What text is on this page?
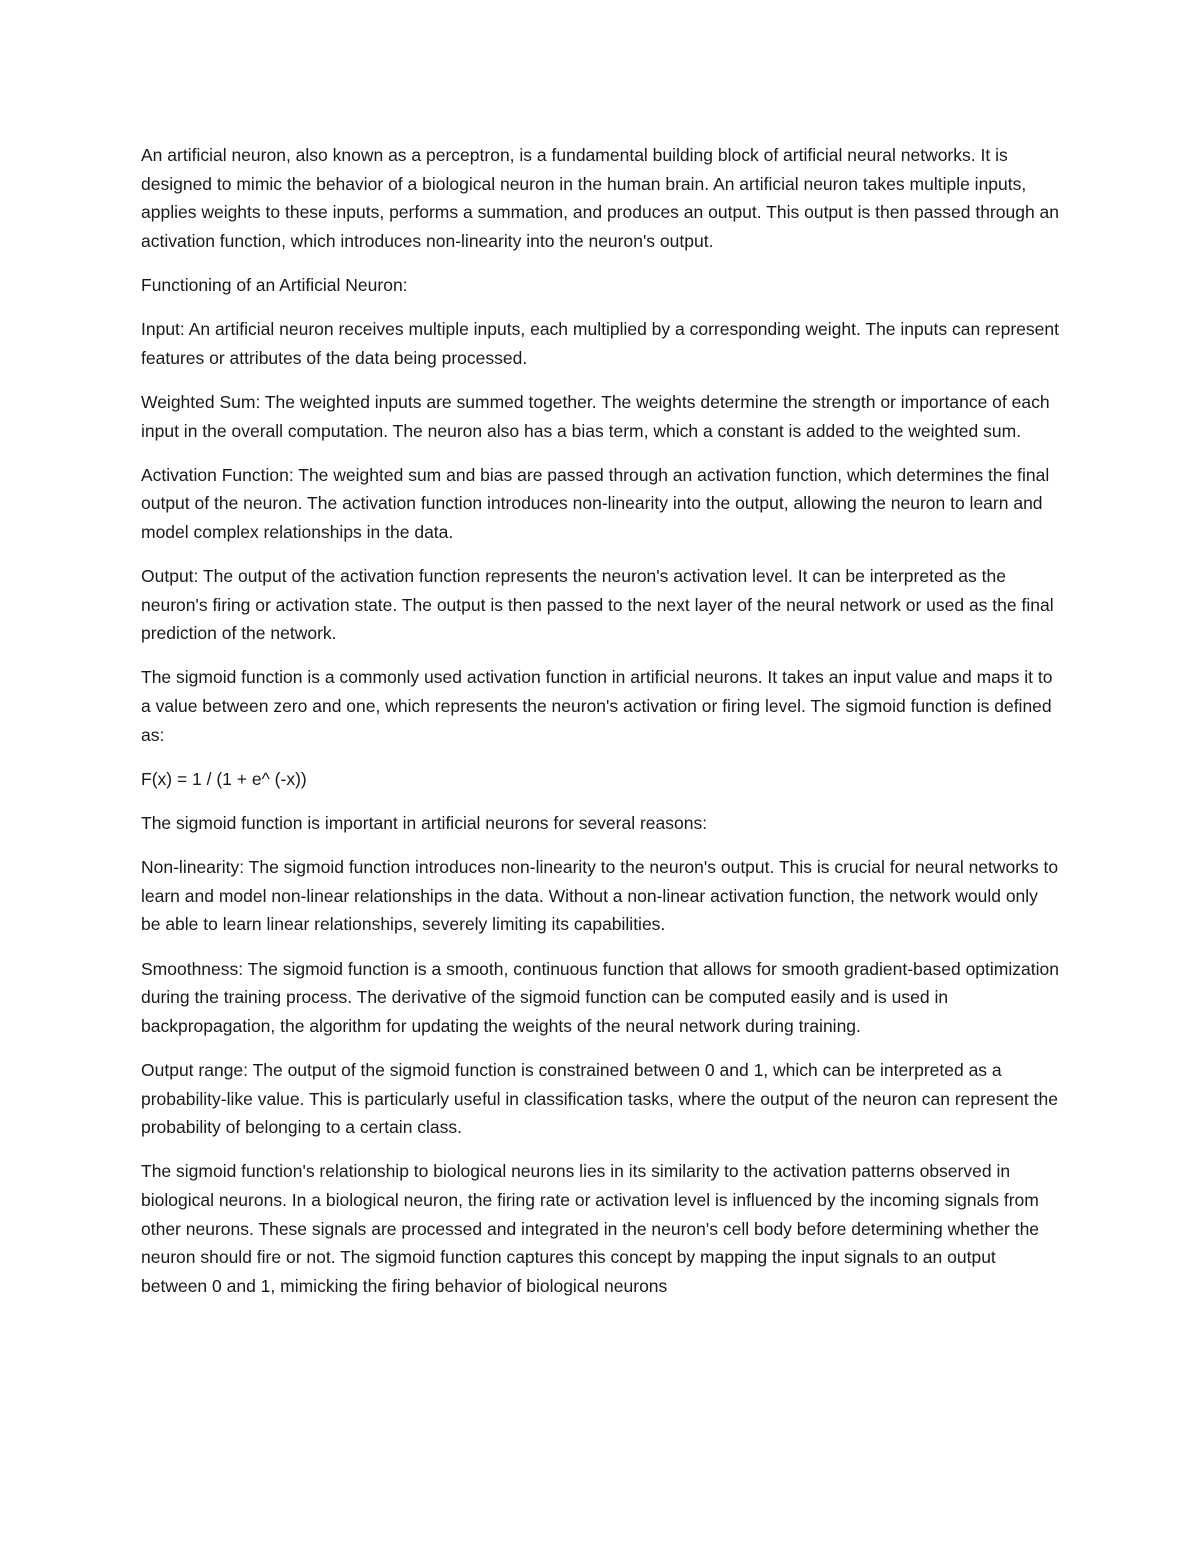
An artificial neuron, also known as a perceptron, is a fundamental building block of artificial neural networks. It is designed to mimic the behavior of a biological neuron in the human brain. An artificial neuron takes multiple inputs, applies weights to these inputs, performs a summation, and produces an output. This output is then passed through an activation function, which introduces non-linearity into the neuron's output.

Functioning of an Artificial Neuron:

Input: An artificial neuron receives multiple inputs, each multiplied by a corresponding weight. The inputs can represent features or attributes of the data being processed.

Weighted Sum: The weighted inputs are summed together. The weights determine the strength or importance of each input in the overall computation. The neuron also has a bias term, which a constant is added to the weighted sum.

Activation Function: The weighted sum and bias are passed through an activation function, which determines the final output of the neuron. The activation function introduces non-linearity into the output, allowing the neuron to learn and model complex relationships in the data.

Output: The output of the activation function represents the neuron's activation level. It can be interpreted as the neuron's firing or activation state. The output is then passed to the next layer of the neural network or used as the final prediction of the network.

The sigmoid function is a commonly used activation function in artificial neurons. It takes an input value and maps it to a value between zero and one, which represents the neuron's activation or firing level. The sigmoid function is defined as:

F(x) = 1 / (1 + e^ (-x))

The sigmoid function is important in artificial neurons for several reasons:

Non-linearity: The sigmoid function introduces non-linearity to the neuron's output. This is crucial for neural networks to learn and model non-linear relationships in the data. Without a non-linear activation function, the network would only be able to learn linear relationships, severely limiting its capabilities.

Smoothness: The sigmoid function is a smooth, continuous function that allows for smooth gradient-based optimization during the training process. The derivative of the sigmoid function can be computed easily and is used in backpropagation, the algorithm for updating the weights of the neural network during training.

Output range: The output of the sigmoid function is constrained between 0 and 1, which can be interpreted as a probability-like value. This is particularly useful in classification tasks, where the output of the neuron can represent the probability of belonging to a certain class.

The sigmoid function's relationship to biological neurons lies in its similarity to the activation patterns observed in biological neurons. In a biological neuron, the firing rate or activation level is influenced by the incoming signals from other neurons. These signals are processed and integrated in the neuron's cell body before determining whether the neuron should fire or not. The sigmoid function captures this concept by mapping the input signals to an output between 0 and 1, mimicking the firing behavior of biological neurons
